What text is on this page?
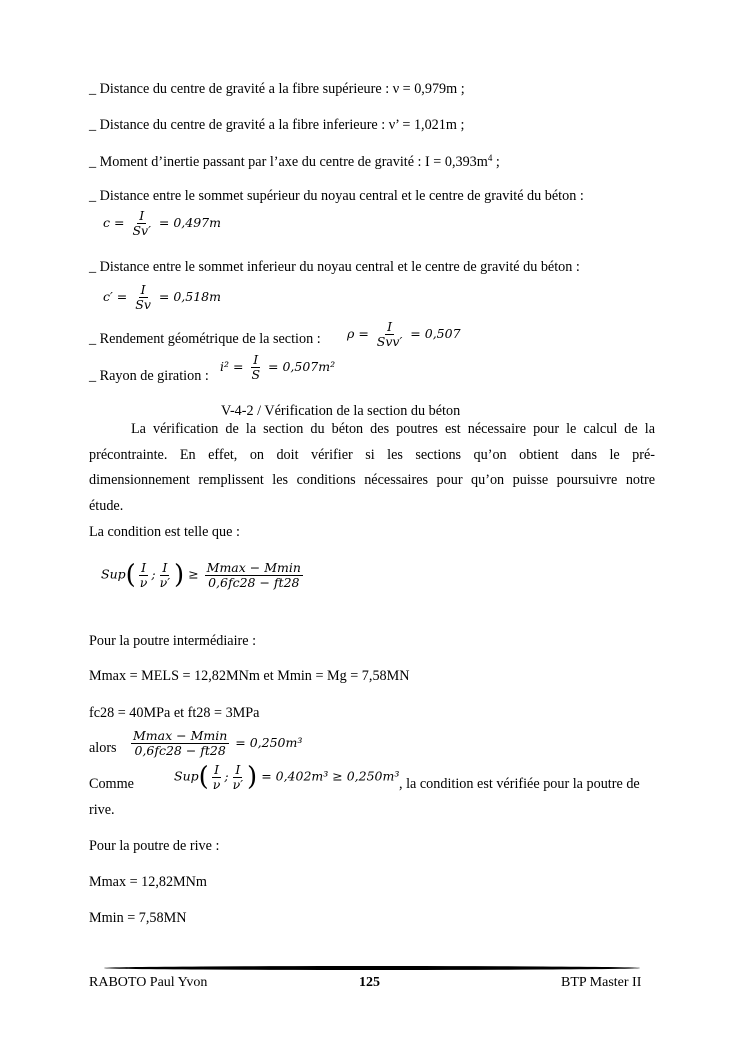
_ Distance du centre de gravité a la fibre supérieure : ν = 0,979m ;
_ Distance du centre de gravité a la fibre inferieure : ν’ = 1,021m ;
_ Moment d’inertie passant par l’axe du centre de gravité : $I = 0,393m^4$ ;
_ Distance entre le sommet supérieur du noyau central et le centre de gravité du béton :
$c = \frac{I}{Sv'} = 0,497m$
_ Distance entre le sommet inferieur du noyau central et le centre de gravité du béton :
$c' = \frac{I}{Sv} = 0,518m$
_ Rendement géométrique de la section : $\rho = \frac{I}{\text{Svv′}} = 0,507$
_ Rayon de giration :
$i^2 = \frac{I}{S} = 0,507m^2$
V-4-2 / Vérification de la section du béton
La vérification de la section du béton des poutres est nécessaire pour le calcul de la
précontrainte. En effet, on doit vérifier si les sections qu’on obtient dans le pré-
dimensionnement remplissent les conditions nécessaires pour qu’on puisse poursuivre notre
étude.
La condition est telle que :
$Sup( \frac{I}{\nu}$ ; $\frac{I}{\nu'}$ ) ≥ $\frac{Mmax - Mmin}{0,6fc28 - ft28}$
Pour la poutre intermédiaire :
Mmax = MELS = 12,82MNm et Mmin = Mg = 7,58MN
fc28 = 40MPa et ft28 = 3MPa
alors $\frac{Mmax - Mmin}{0,6fc28 - ft28} = 0,250m^3$
Comme	$Sup( \frac{I}{\nu}$ ; $\frac{I}{\nu'}$ ) = 0,402m³ ≥ 0,250m³ , la condition est vérifiée pour la poutre de
rive.
Pour la poutre de rive :
Mmax = 12,82MNm
Mmin = 7,58MN
RABOTO Paul Yvon	125	BTP Master II
